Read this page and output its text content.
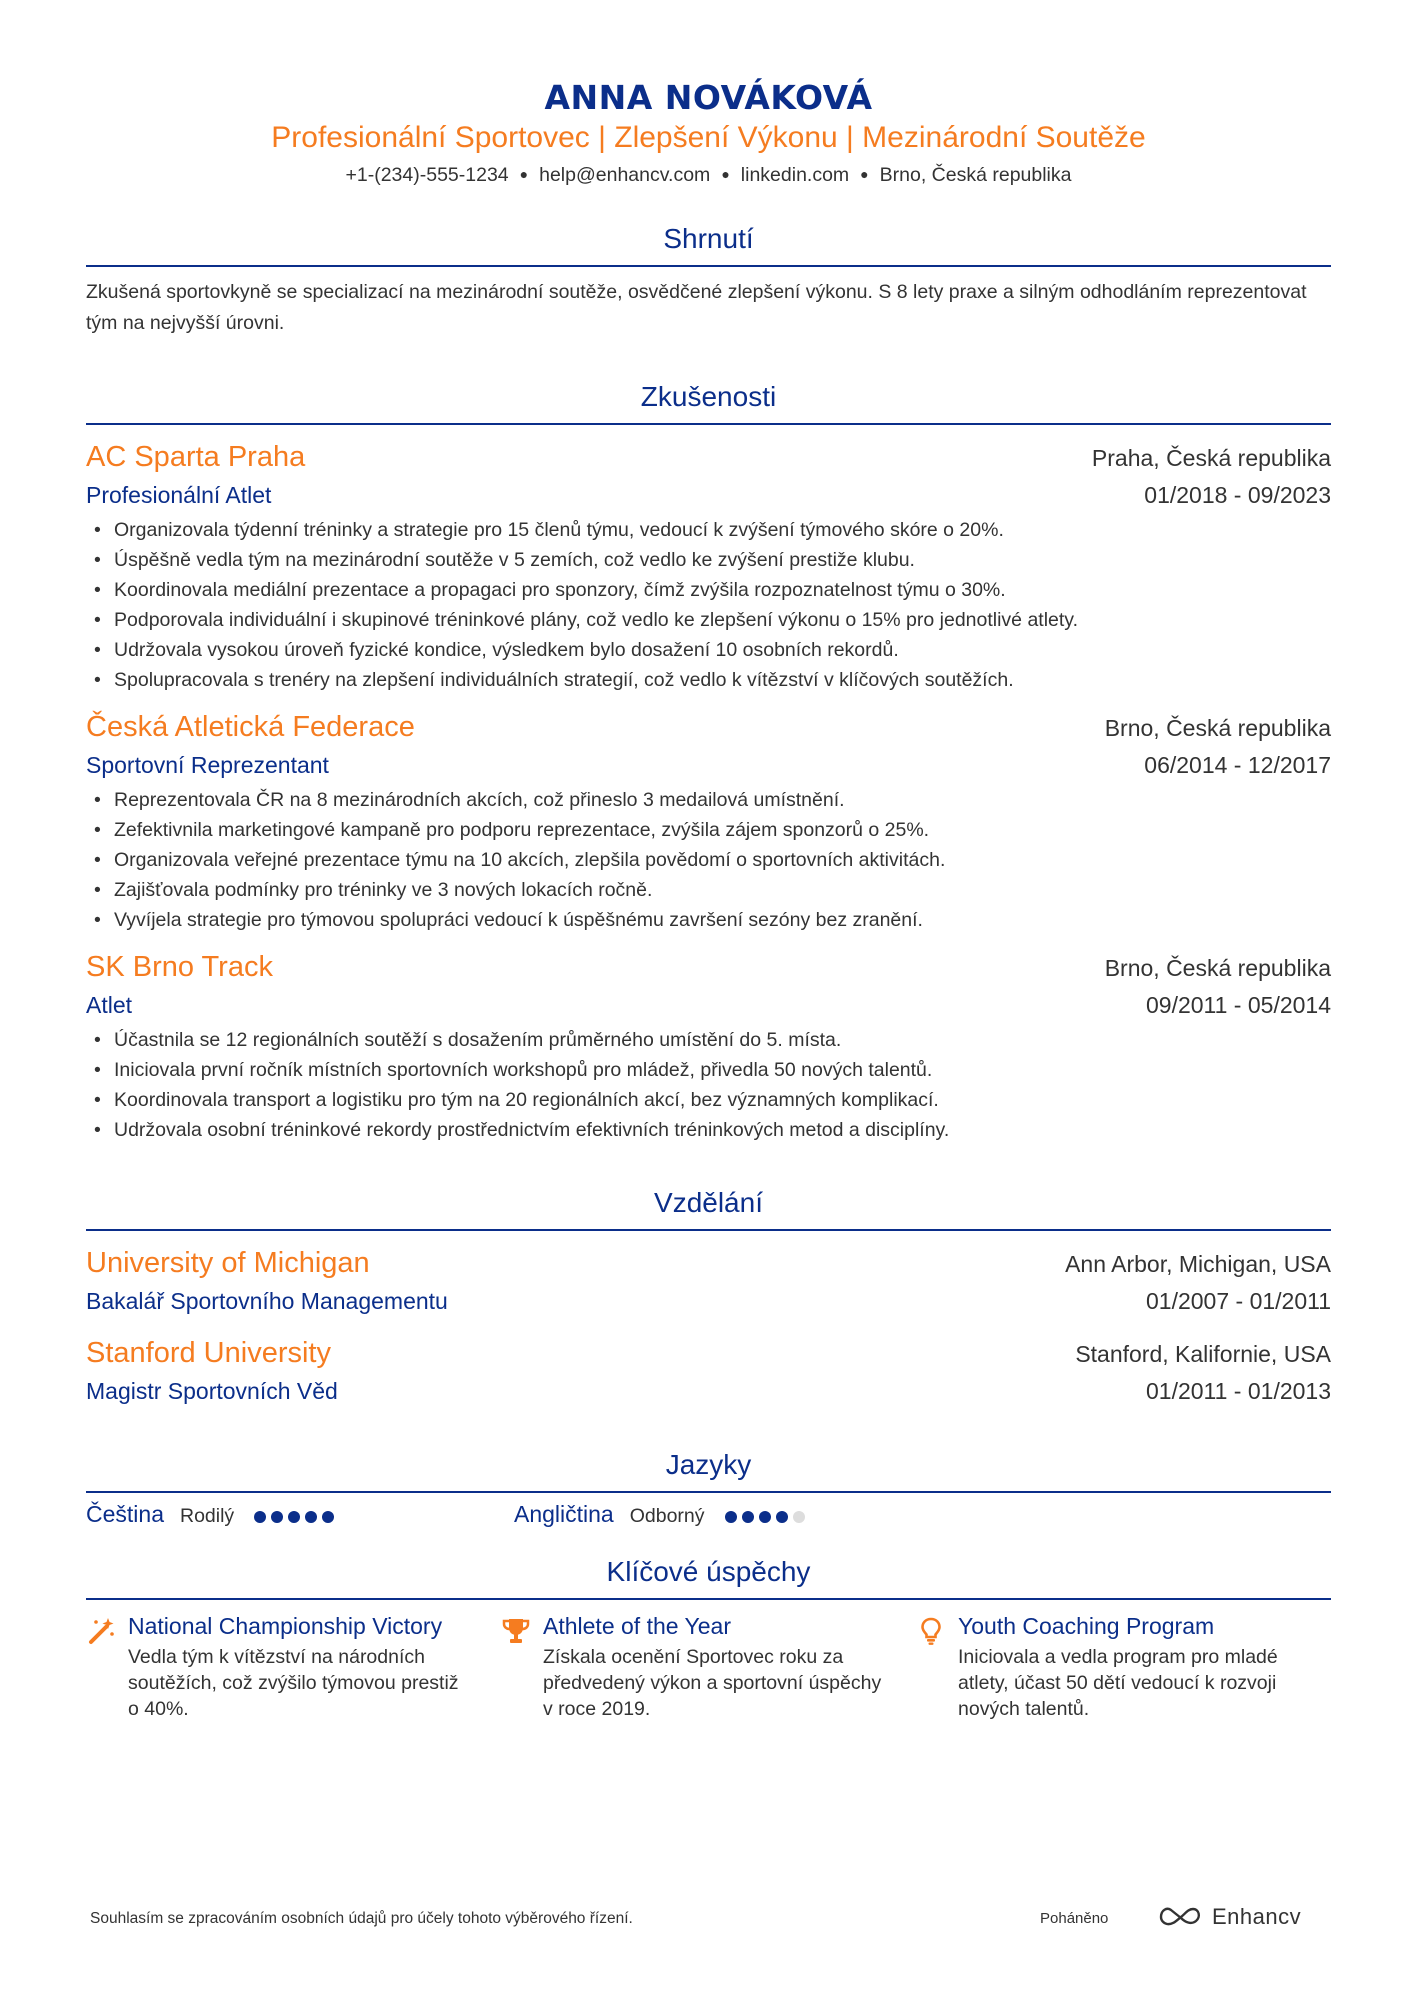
ANNA NOVÁKOVÁ
Profesionální Sportovec | Zlepšení Výkonu | Mezinárodní Soutěže
+1-(234)-555-1234 ● help@enhancv.com ● linkedin.com ● Brno, Česká republika
Shrnutí
Zkušená sportovkyně se specializací na mezinárodní soutěže, osvědčené zlepšení výkonu. S 8 lety praxe a silným odhodláním reprezentovat tým na nejvyšší úrovni.
Zkušenosti
AC Sparta Praha	Praha, Česká republika
Profesionální Atlet	01/2018 - 09/2023
• Organizovala týdenní tréninky a strategie pro 15 členů týmu, vedoucí k zvýšení týmového skóre o 20%.
• Úspěšně vedla tým na mezinárodní soutěže v 5 zemích, což vedlo ke zvýšení prestiže klubu.
• Koordinovala mediální prezentace a propagaci pro sponzory, čímž zvýšila rozpoznatelnost týmu o 30%.
• Podporovala individuální i skupinové tréninkové plány, což vedlo ke zlepšení výkonu o 15% pro jednotlivé atlety.
• Udržovala vysokou úroveň fyzické kondice, výsledkem bylo dosažení 10 osobních rekordů.
• Spolupracovala s trenéry na zlepšení individuálních strategií, což vedlo k vítězství v klíčových soutěžích.
Česká Atletická Federace	Brno, Česká republika
Sportovní Reprezentant	06/2014 - 12/2017
• Reprezentovala ČR na 8 mezinárodních akcích, což přineslo 3 medailová umístnění.
• Zefektivnila marketingové kampaně pro podporu reprezentace, zvýšila zájem sponzorů o 25%.
• Organizovala veřejné prezentace týmu na 10 akcích, zlepšila povědomí o sportovních aktivitách.
• Zajišťovala podmínky pro tréninky ve 3 nových lokacích ročně.
• Vyvíjela strategie pro týmovou spolupráci vedoucí k úspěšnému završení sezóny bez zranění.
SK Brno Track	Brno, Česká republika
Atlet	09/2011 - 05/2014
• Účastnila se 12 regionálních soutěží s dosažením průměrného umístění do 5. místa.
• Iniciovala první ročník místních sportovních workshopů pro mládež, přivedla 50 nových talentů.
• Koordinovala transport a logistiku pro tým na 20 regionálních akcí, bez významných komplikací.
• Udržovala osobní tréninkové rekordy prostřednictvím efektivních tréninkových metod a disciplíny.
Vzdělání
University of Michigan	Ann Arbor, Michigan, USA
Bakalář Sportovního Managementu	01/2007 - 01/2011
Stanford University	Stanford, Kalifornie, USA
Magistr Sportovních Věd	01/2011 - 01/2013
Jazyky
Čeština Rodilý	Angličtina Odborný
Klíčové úspěchy
National Championship Victory
Vedla tým k vítězství na národních soutěžích, což zvýšilo týmovou prestiž o 40%.
Athlete of the Year
Získala ocenění Sportovec roku za předvedený výkon a sportovní úspěchy v roce 2019.
Youth Coaching Program
Iniciovala a vedla program pro mladé atlety, účast 50 dětí vedoucí k rozvoji nových talentů.
Souhlasím se zpracováním osobních údajů pro účely tohoto výběrového řízení.	Poháněno	Enhancv
